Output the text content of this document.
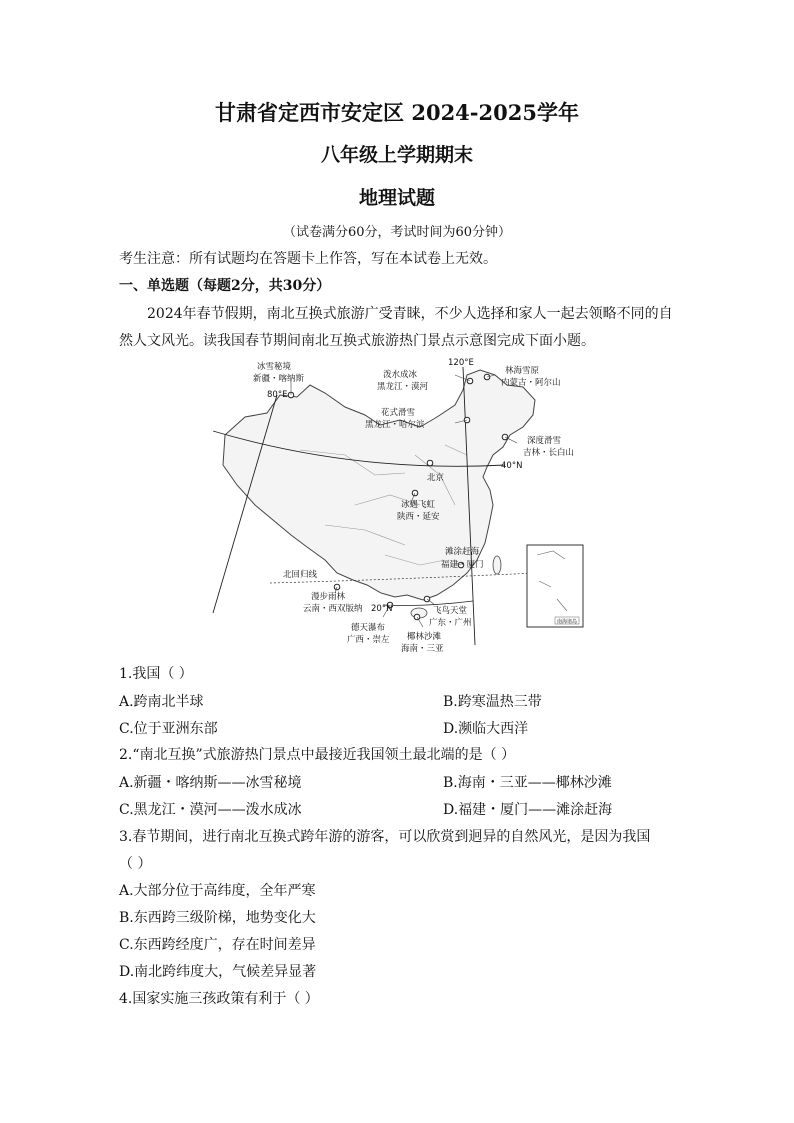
甘肃省定西市安定区 2024-2025学年
八年级上学期期末
地理试题
（试卷满分60分，考试时间为60分钟）
考生注意：所有试题均在答题卡上作答，写在本试卷上无效。
一、单选题（每题2分，共30分）
2024年春节假期，南北互换式旅游广受青睐，不少人选择和家人一起去领略不同的自
然人文风光。读我国春节期间南北互换式旅游热门景点示意图完成下面小题。
南海诸岛
冰雪秘境
新疆・喀纳斯
80°E
120°E
泼水成冰
黑龙江・漠河
林海雪原
内蒙古・阿尔山
花式滑雪
黑龙江・哈尔滨
深度滑雪
吉林・长白山
40°N
北京
冰遇飞虹
陕西・延安
滩涂赶海
福建・厦门
北回归线
漫步雨林
云南・西双版纳 20°N	飞鸟天堂
广东・广州
德天瀑布
广西・崇左 椰林沙滩
海南・三亚
1.我国（ ）
A.跨南北半球	B.跨寒温热三带
C.位于亚洲东部	D.濒临大西洋
2.“南北互换”式旅游热门景点中最接近我国领土最北端的是（ ）
A.新疆・喀纳斯——冰雪秘境	B.海南・三亚——椰林沙滩
C.黑龙江・漠河——泼水成冰	D.福建・厦门——滩涂赶海
3.春节期间，进行南北互换式跨年游的游客，可以欣赏到迥异的自然风光，是因为我国
（ ）
A.大部分位于高纬度，全年严寒
B.东西跨三级阶梯，地势变化大
C.东西跨经度广，存在时间差异
D.南北跨纬度大，气候差异显著
4.国家实施三孩政策有利于（ ）
